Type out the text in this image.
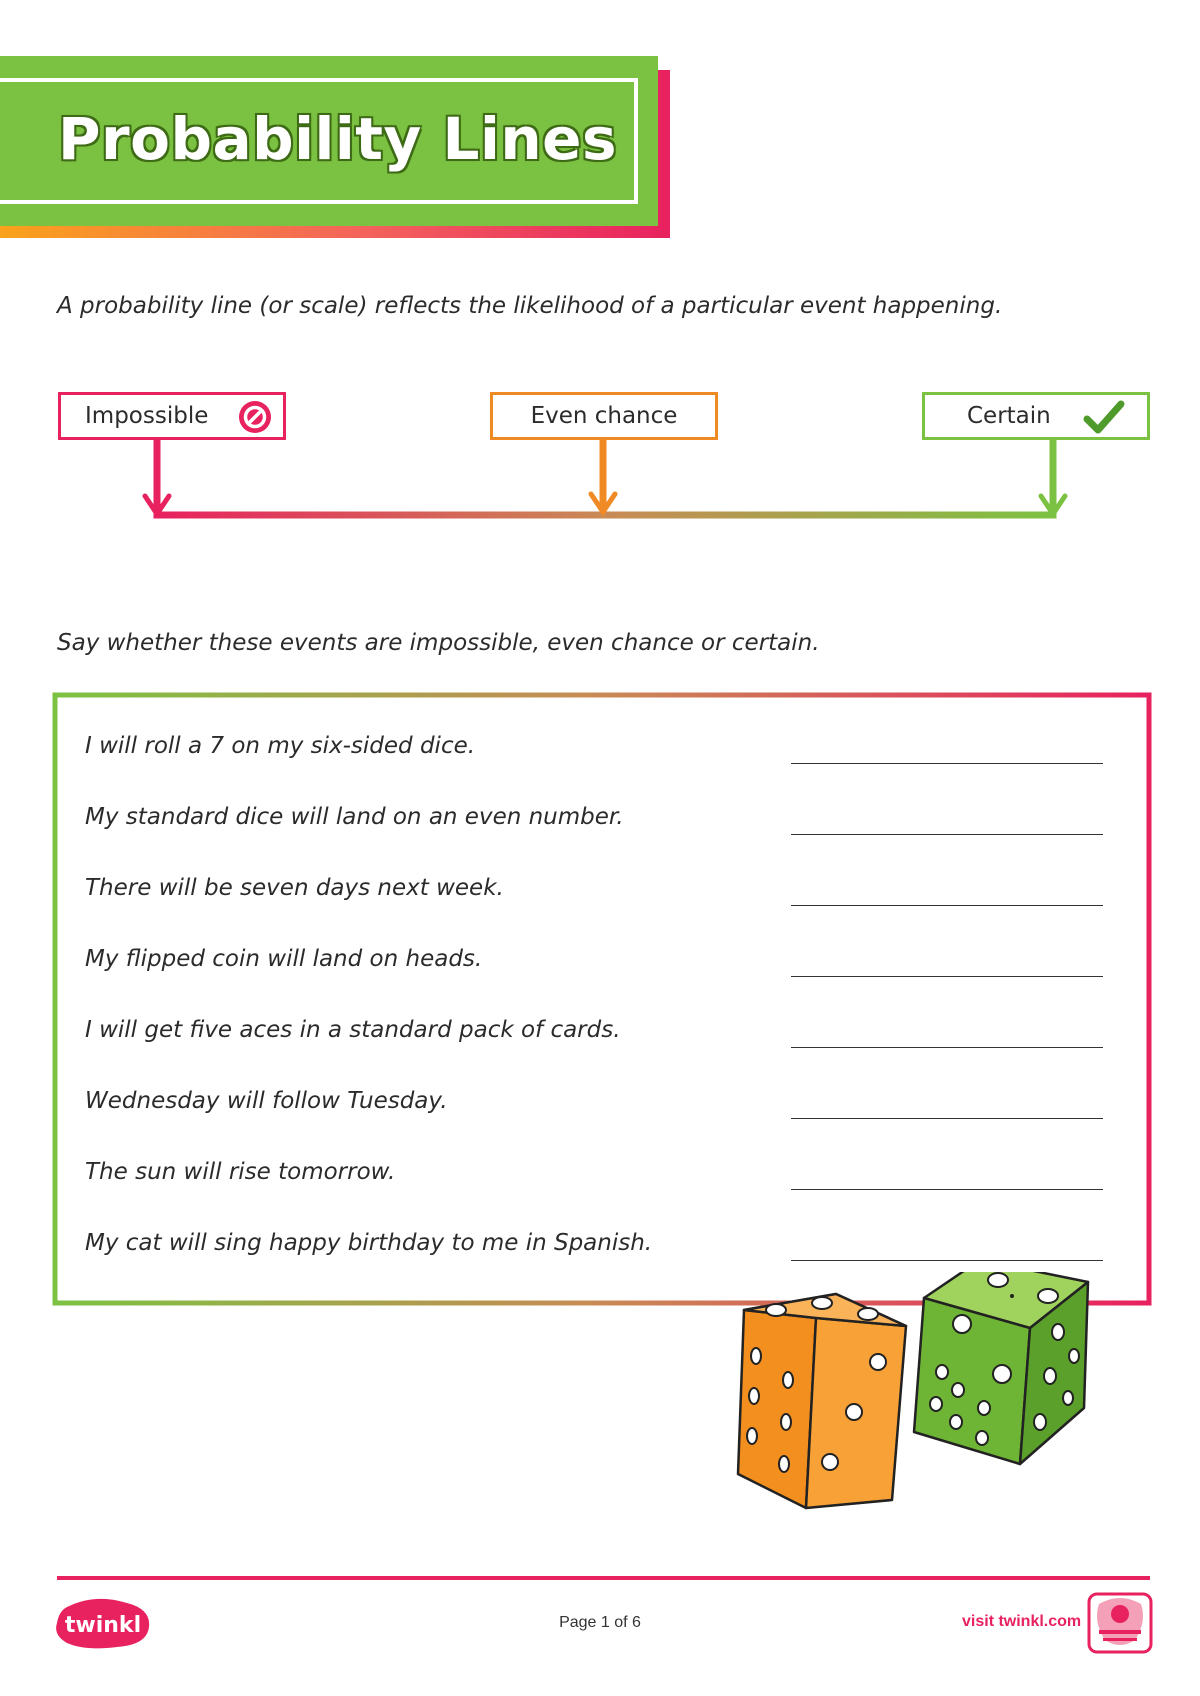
Probability Lines
A probability line (or scale) reflects the likelihood of a particular event happening.
Impossible	Even chance	Certain
Say whether these events are impossible, even chance or certain.
I will roll a 7 on my six-sided dice.
My standard dice will land on an even number.
There will be seven days next week.
My flipped coin will land on heads.
I will get five aces in a standard pack of cards.
Wednesday will follow Tuesday.
The sun will rise tomorrow.
My cat will sing happy birthday to me in Spanish.
twinkl	Page 1 of 6	visit twinkl.com
